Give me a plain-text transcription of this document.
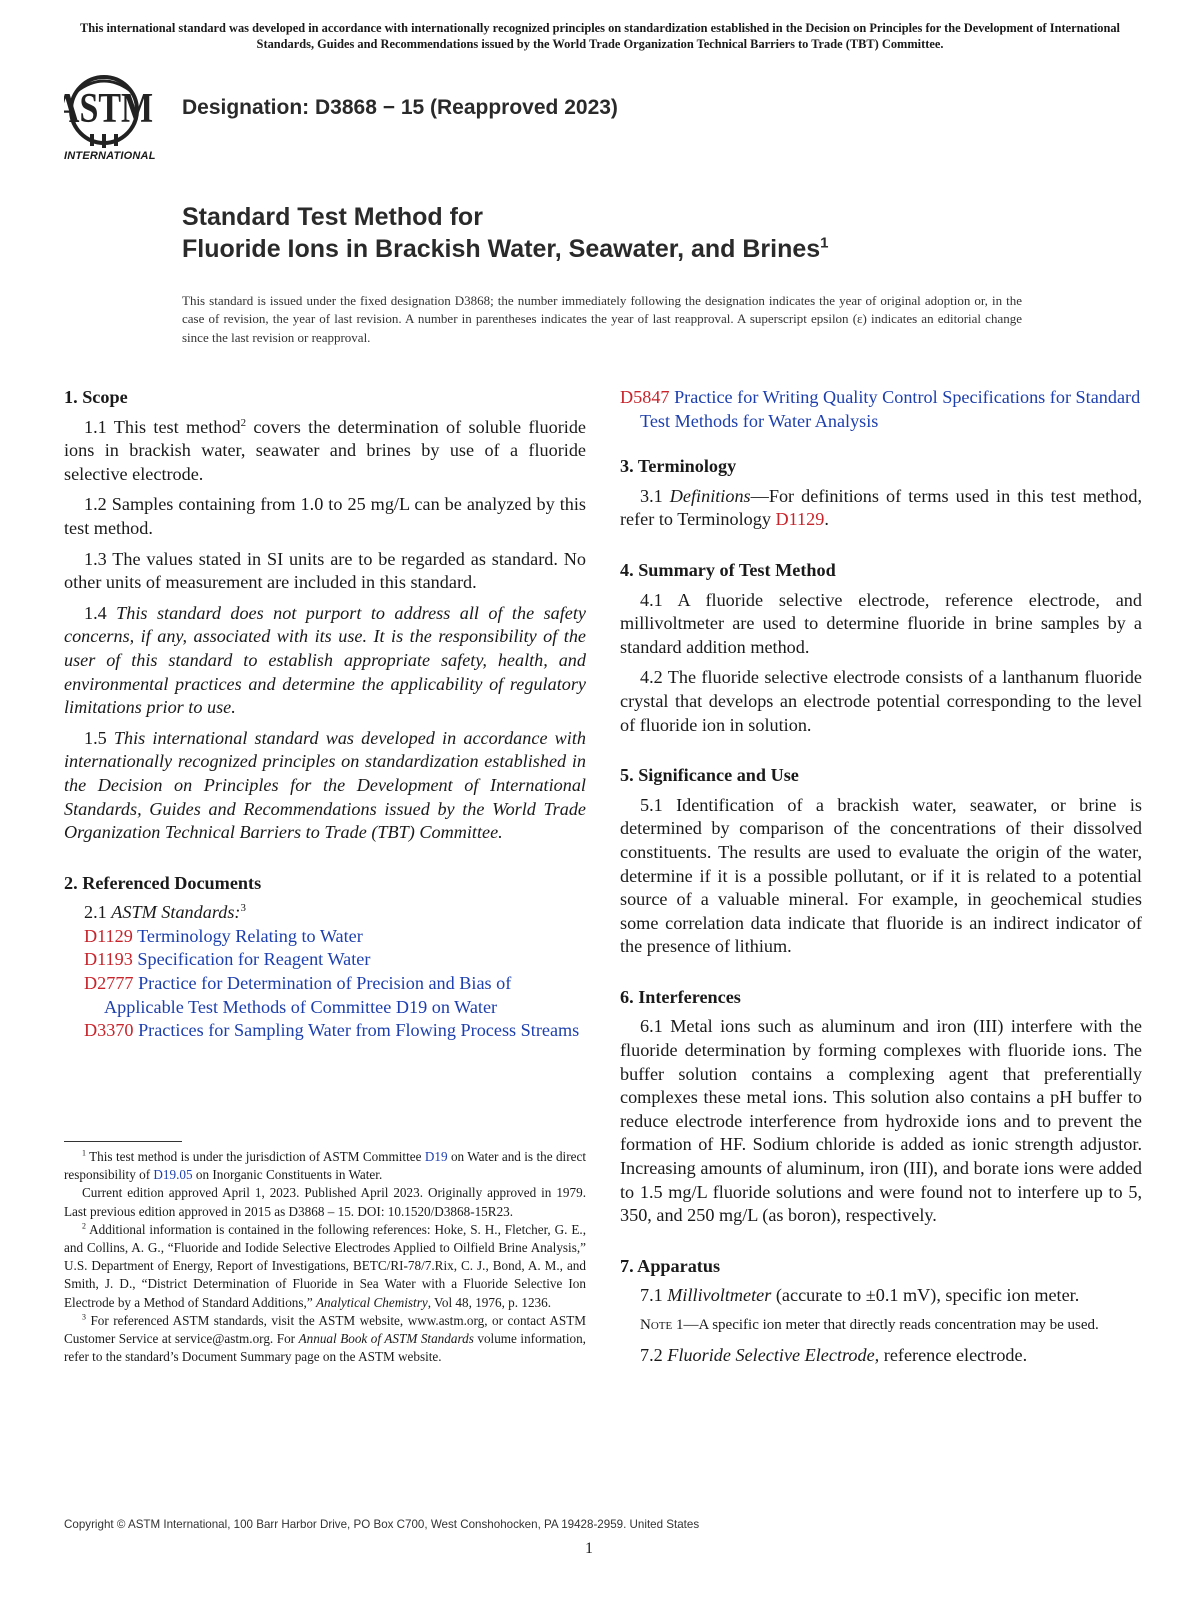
This international standard was developed in accordance with internationally recognized principles on standardization established in the Decision on Principles for the Development of International Standards, Guides and Recommendations issued by the World Trade Organization Technical Barriers to Trade (TBT) Committee.
ASTM
INTERNATIONAL
Designation: D3868 − 15 (Reapproved 2023)
Standard Test Method for
Fluoride Ions in Brackish Water, Seawater, and Brines$^1$
This standard is issued under the fixed designation D3868; the number immediately following the designation indicates the year of original adoption or, in the case of revision, the year of last revision. A number in parentheses indicates the year of last reapproval. A superscript epsilon (ε) indicates an editorial change since the last revision or reapproval.
1. Scope

1.1 This test method$^2$ covers the determination of soluble fluoride ions in brackish water, seawater and brines by use of a fluoride selective electrode.

1.2 Samples containing from 1.0 to 25 mg/L can be analyzed by this test method.

1.3 The values stated in SI units are to be regarded as standard. No other units of measurement are included in this standard.

1.4 This standard does not purport to address all of the safety concerns, if any, associated with its use. It is the responsibility of the user of this standard to establish appropriate safety, health, and environmental practices and determine the applicability of regulatory limitations prior to use.

1.5 This international standard was developed in accordance with internationally recognized principles on standardization established in the Decision on Principles for the Development of International Standards, Guides and Recommendations issued by the World Trade Organization Technical Barriers to Trade (TBT) Committee.

2. Referenced Documents

2.1 ASTM Standards:$^3$

D1129 Terminology Relating to Water

D1193 Specification for Reagent Water

D2777 Practice for Determination of Precision and Bias of Applicable Test Methods of Committee D19 on Water

D3370 Practices for Sampling Water from Flowing Process Streams

$^1$ This test method is under the jurisdiction of ASTM Committee D19 on Water and is the direct responsibility of D19.05 on Inorganic Constituents in Water.

Current edition approved April 1, 2023. Published April 2023. Originally approved in 1979. Last previous edition approved in 2015 as D3868 – 15. DOI: 10.1520/D3868-15R23.

$^2$ Additional information is contained in the following references: Hoke, S. H., Fletcher, G. E., and Collins, A. G., “Fluoride and Iodide Selective Electrodes Applied to Oilfield Brine Analysis,” U.S. Department of Energy, Report of Investigations, BETC/RI-78/7.Rix, C. J., Bond, A. M., and Smith, J. D., “District Determination of Fluoride in Sea Water with a Fluoride Selective Ion Electrode by a Method of Standard Additions,” Analytical Chemistry, Vol 48, 1976, p. 1236.

$^3$ For referenced ASTM standards, visit the ASTM website, www.astm.org, or contact ASTM Customer Service at service@astm.org. For Annual Book of ASTM Standards volume information, refer to the standard’s Document Summary page on the ASTM website.

D5847 Practice for Writing Quality Control Specifications for Standard Test Methods for Water Analysis

3. Terminology

3.1 Definitions—For definitions of terms used in this test method, refer to Terminology D1129.

4. Summary of Test Method

4.1 A fluoride selective electrode, reference electrode, and millivoltmeter are used to determine fluoride in brine samples by a standard addition method.

4.2 The fluoride selective electrode consists of a lanthanum fluoride crystal that develops an electrode potential corresponding to the level of fluoride ion in solution.

5. Significance and Use

5.1 Identification of a brackish water, seawater, or brine is determined by comparison of the concentrations of their dissolved constituents. The results are used to evaluate the origin of the water, determine if it is a possible pollutant, or if it is related to a potential source of a valuable mineral. For example, in geochemical studies some correlation data indicate that fluoride is an indirect indicator of the presence of lithium.

6. Interferences

6.1 Metal ions such as aluminum and iron (III) interfere with the fluoride determination by forming complexes with fluoride ions. The buffer solution contains a complexing agent that preferentially complexes these metal ions. This solution also contains a pH buffer to reduce electrode interference from hydroxide ions and to prevent the formation of HF. Sodium chloride is added as ionic strength adjustor. Increasing amounts of aluminum, iron (III), and borate ions were added to 1.5 mg/L fluoride solutions and were found not to interfere up to 5, 350, and 250 mg/L (as boron), respectively.

7. Apparatus

7.1 Millivoltmeter (accurate to ±0.1 mV), specific ion meter.

Note 1—A specific ion meter that directly reads concentration may be used.

7.2 Fluoride Selective Electrode, reference electrode.

Copyright © ASTM International, 100 Barr Harbor Drive, PO Box C700, West Conshohocken, PA 19428-2959. United States
1
